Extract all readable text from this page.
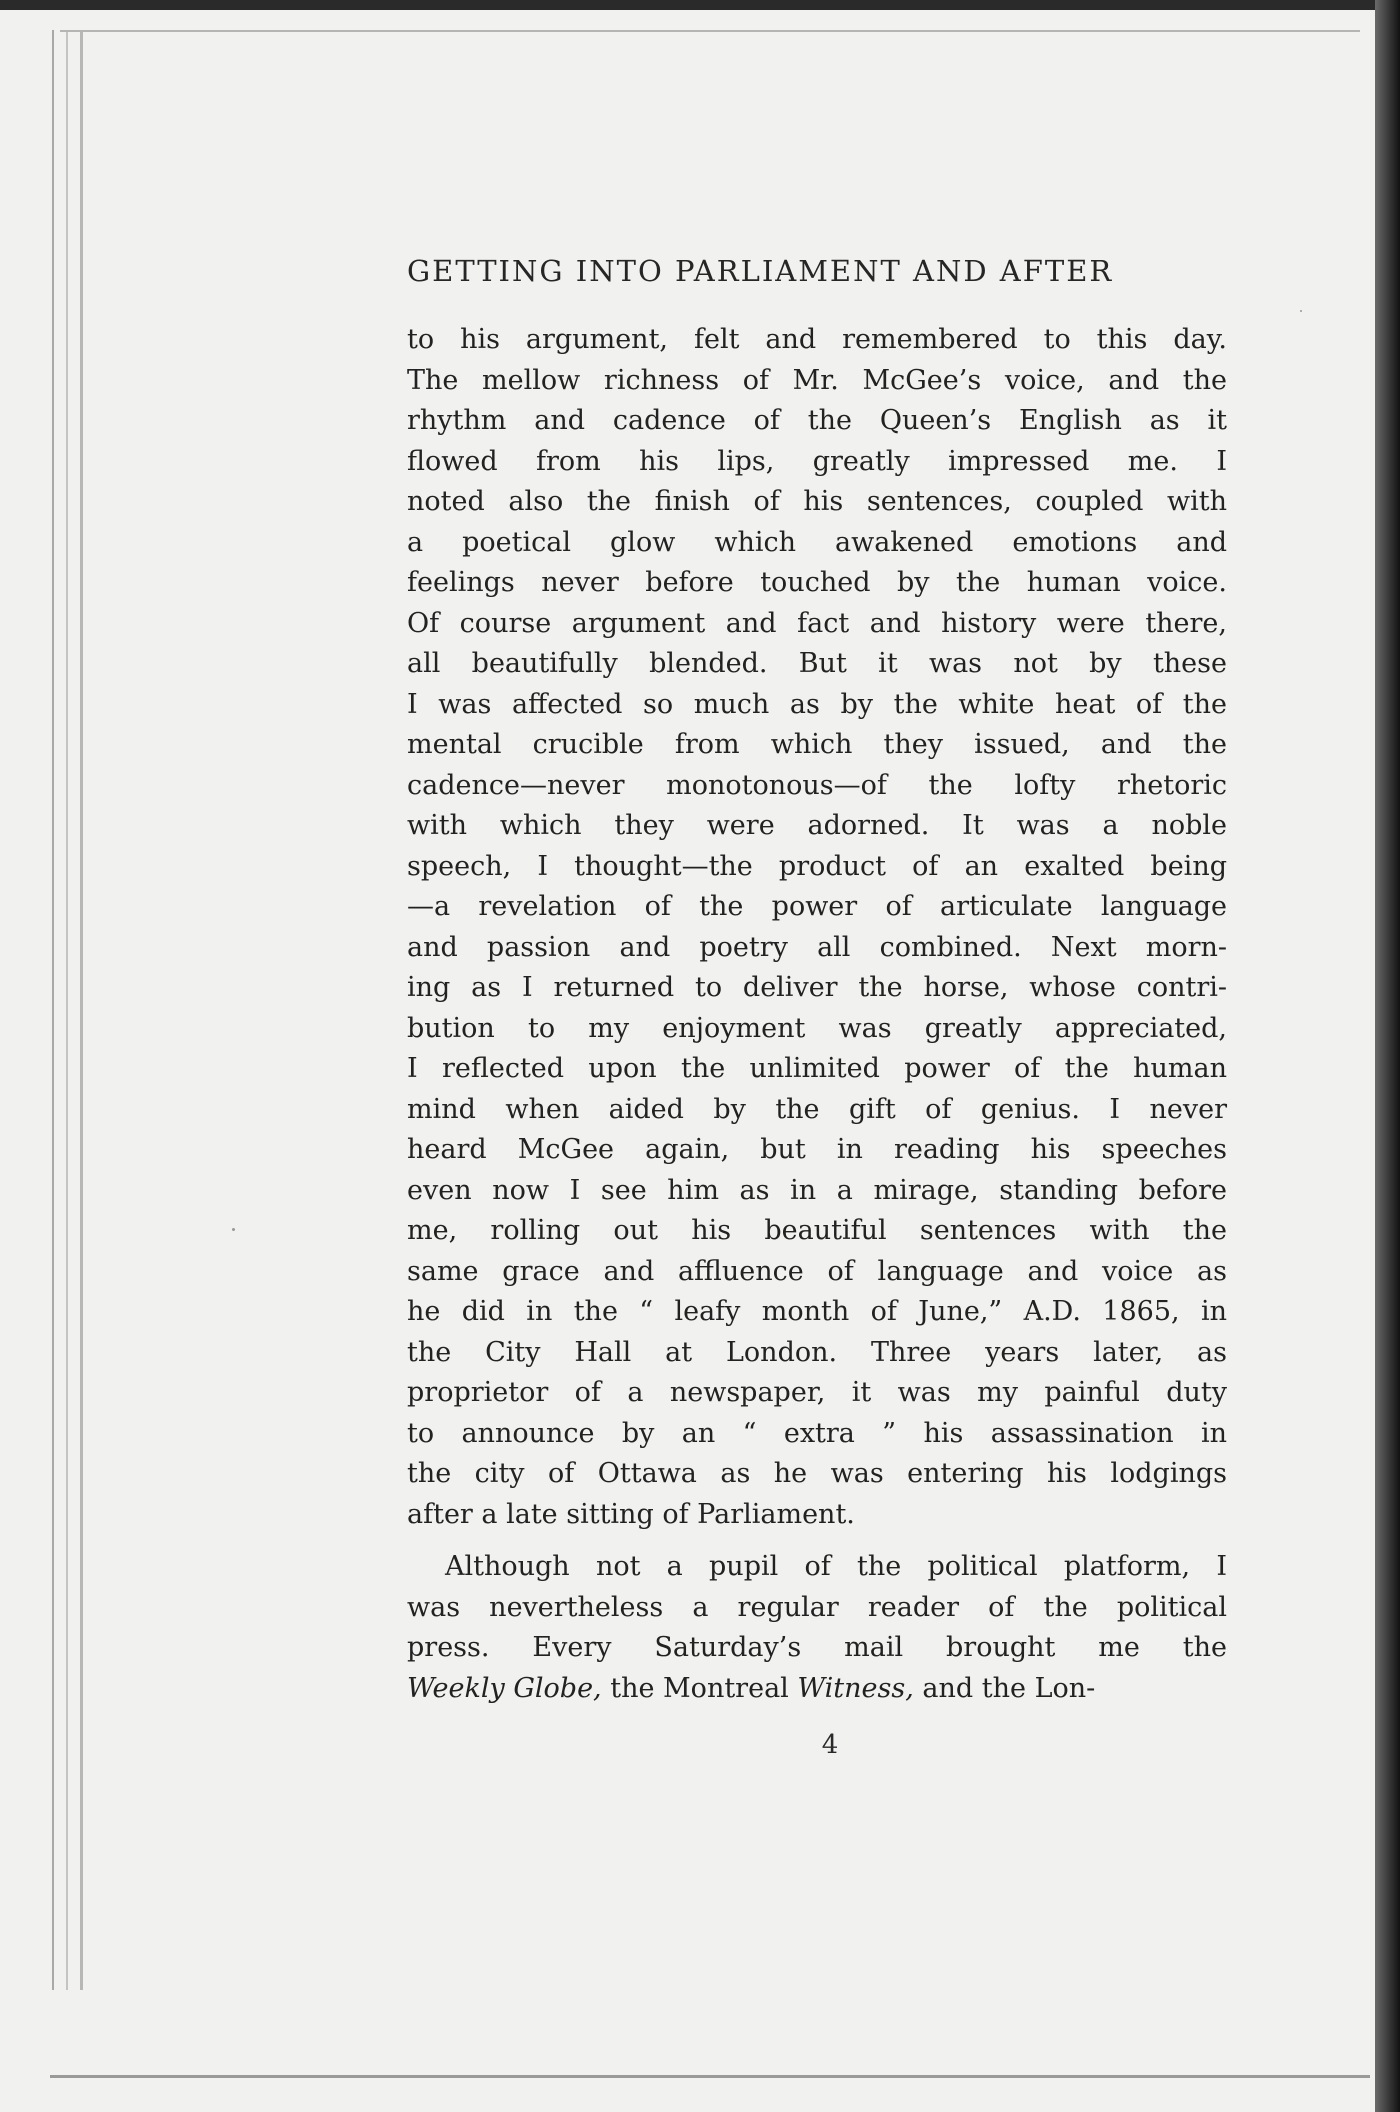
GETTING INTO PARLIAMENT AND AFTER
to his argument, felt and remembered to this day.
The mellow richness of Mr. McGee’s voice, and the
rhythm and cadence of the Queen’s English as it
flowed from his lips, greatly impressed me. I
noted also the finish of his sentences, coupled with
a poetical glow which awakened emotions and
feelings never before touched by the human voice.
Of course argument and fact and history were there,
all beautifully blended. But it was not by these
I was affected so much as by the white heat of the
mental crucible from which they issued, and the
cadence—never monotonous—of the lofty rhetoric
with which they were adorned. It was a noble
speech, I thought—the product of an exalted being
—a revelation of the power of articulate language
and passion and poetry all combined. Next morn-
ing as I returned to deliver the horse, whose contri-
bution to my enjoyment was greatly appreciated,
I reflected upon the unlimited power of the human
mind when aided by the gift of genius. I never
heard McGee again, but in reading his speeches
even now I see him as in a mirage, standing before
me, rolling out his beautiful sentences with the
same grace and affluence of language and voice as
he did in the “ leafy month of June,” A.D. 1865, in
the City Hall at London. Three years later, as
proprietor of a newspaper, it was my painful duty
to announce by an “ extra ” his assassination in
the city of Ottawa as he was entering his lodgings
after a late sitting of Parliament.
Although not a pupil of the political platform, I
was nevertheless a regular reader of the political
press. Every Saturday’s mail brought me the
Weekly Globe, the Montreal Witness, and the Lon-
4
